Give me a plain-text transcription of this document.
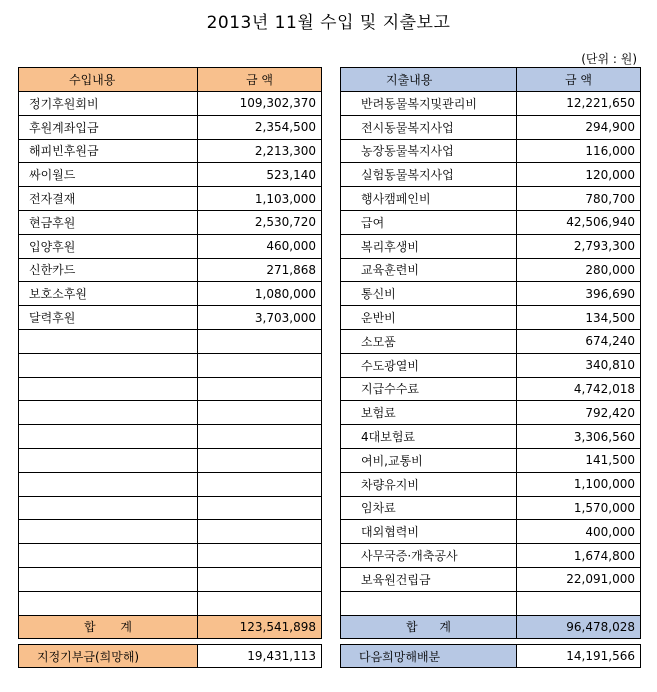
2013년 11월 수입 및 지출보고
(단위 : 원)
수입내용	금 액
정기후원회비	109,302,370
후원계좌입금	2,354,500
해피빈후원금	2,213,300
싸이월드	523,140
전자결재	1,103,000
현금후원	2,530,720
입양후원	460,000
신한카드	271,868
보호소후원	1,080,000
달력후원	3,703,000

합 계	123,541,898
지출내용	금 액
반려동물복지및관리비	12,221,650
전시동물복지사업	294,900
농장동물복지사업	116,000
실험동물복지사업	120,000
행사캠페인비	780,700
급여	42,506,940
복리후생비	2,793,300
교육훈련비	280,000
통신비	396,690
운반비	134,500
소모품	674,240
수도광열비	340,810
지급수수료	4,742,018
보험료	792,420
4대보험료	3,306,560
여비,교통비	141,500
차량유지비	1,100,000
임차료	1,570,000
대외협력비	400,000
사무국증·개축공사	1,674,800
보육원건립금	22,091,000

합 계	96,478,028
지정기부금(희망해)	19,431,113	다음희망해배분	14,191,566
